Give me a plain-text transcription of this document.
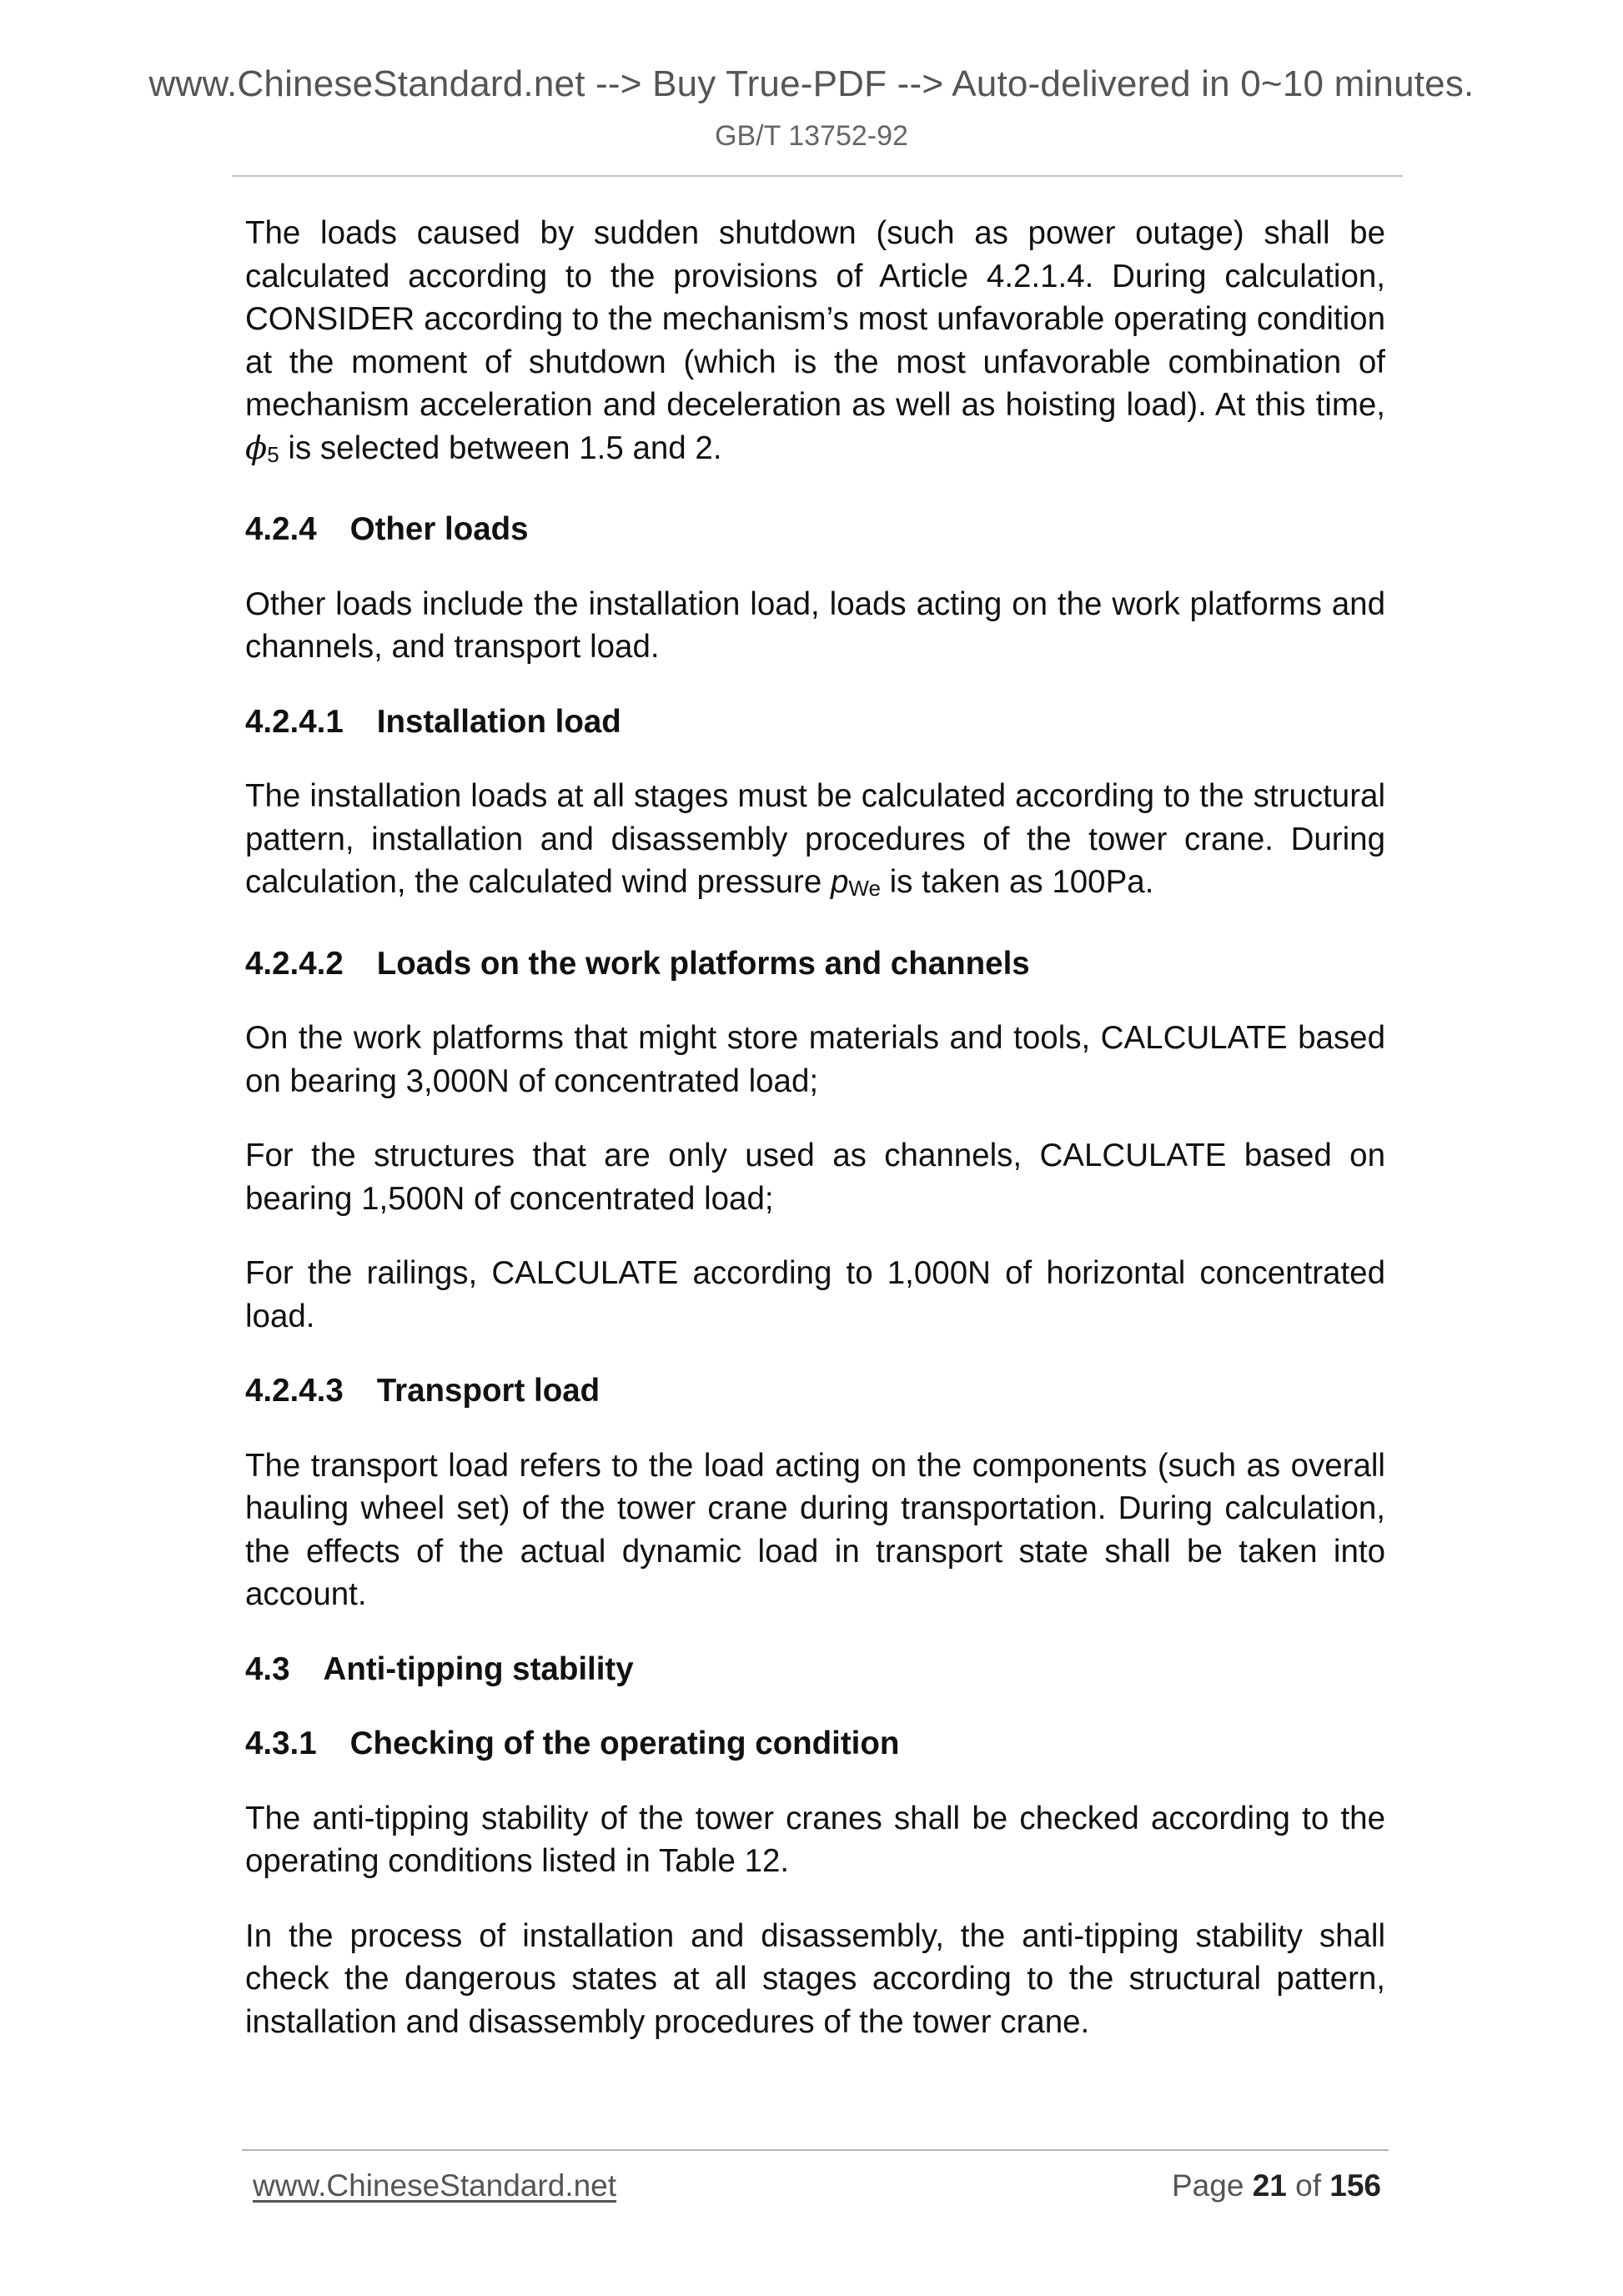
www.ChineseStandard.net --> Buy True-PDF --> Auto-delivered in 0~10 minutes.
GB/T 13752-92

The loads caused by sudden shutdown (such as power outage) shall be calculated according to the provisions of Article 4.2.1.4. During calculation, CONSIDER according to the mechanism’s most unfavorable operating condition at the moment of shutdown (which is the most unfavorable combination of mechanism acceleration and deceleration as well as hoisting load). At this time, ϕ5 is selected between 1.5 and 2.

4.2.4 Other loads

Other loads include the installation load, loads acting on the work platforms and channels, and transport load.

4.2.4.1 Installation load

The installation loads at all stages must be calculated according to the structural pattern, installation and disassembly procedures of the tower crane. During calculation, the calculated wind pressure pWe is taken as 100Pa.

4.2.4.2 Loads on the work platforms and channels

On the work platforms that might store materials and tools, CALCULATE based on bearing 3,000N of concentrated load;

For the structures that are only used as channels, CALCULATE based on bearing 1,500N of concentrated load;

For the railings, CALCULATE according to 1,000N of horizontal concentrated load.

4.2.4.3 Transport load

The transport load refers to the load acting on the components (such as overall hauling wheel set) of the tower crane during transportation. During calculation, the effects of the actual dynamic load in transport state shall be taken into account.

4.3 Anti-tipping stability
4.3.1 Checking of the operating condition

The anti-tipping stability of the tower cranes shall be checked according to the operating conditions listed in Table 12.

In the process of installation and disassembly, the anti-tipping stability shall check the dangerous states at all stages according to the structural pattern, installation and disassembly procedures of the tower crane.

www.ChineseStandard.net	Page 21 of 156
